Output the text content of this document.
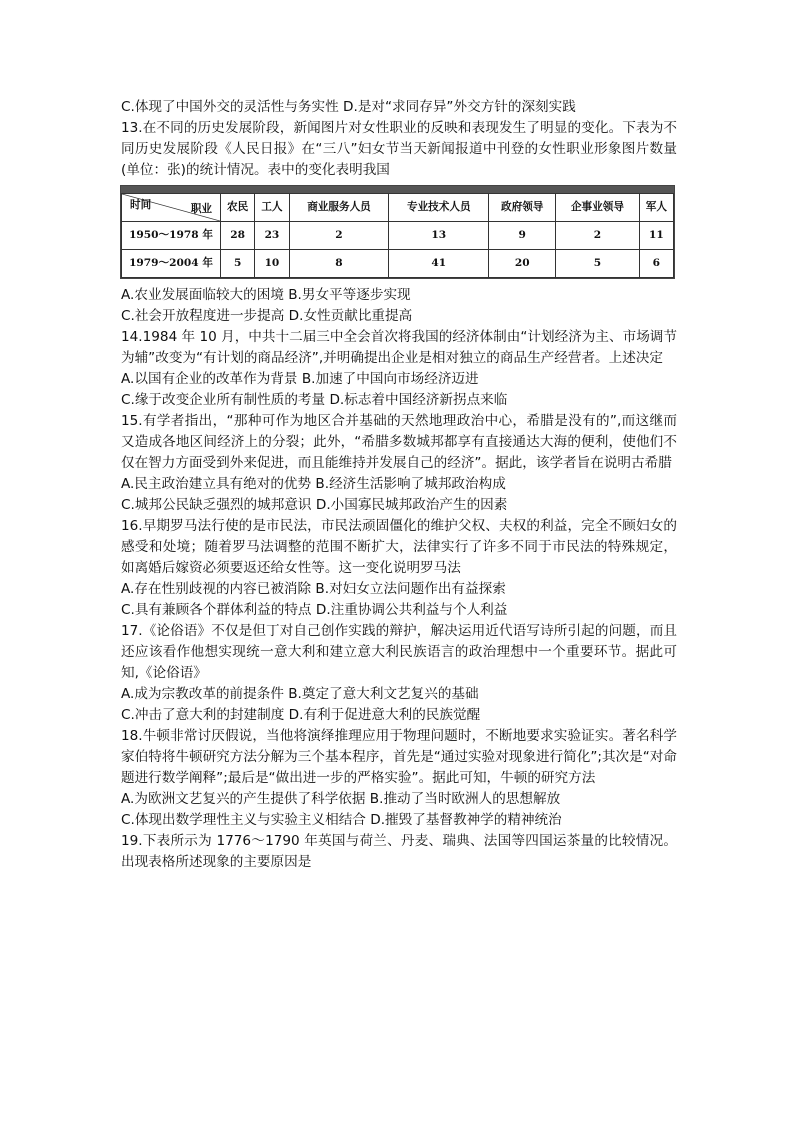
C.体现了中国外交的灵活性与务实性 D.是对“求同存异”外交方针的深刻实践
13.在不同的历史发展阶段，新闻图片对女性职业的反映和表现发生了明显的变化。下表为不同历史发展阶段《人民日报》在“三八”妇女节当天新闻报道中刊登的女性职业形象图片数量(单位：张)的统计情况。表中的变化表明我国
职业
时间	农民	工人	商业服务人员	专业技术人员	政府领导	企事业领导	军人
1950～1978 年	28	23	2	13	9	2	11
1979～2004 年	5	10	8	41	20	5	6
A.农业发展面临较大的困境 B.男女平等逐步实现
C.社会开放程度进一步提高 D.女性贡献比重提高
14.1984 年 10 月，中共十二届三中全会首次将我国的经济体制由“计划经济为主、市场调节为辅”改变为“有计划的商品经济”,并明确提出企业是相对独立的商品生产经营者。上述决定
A.以国有企业的改革作为背景 B.加速了中国向市场经济迈进
C.缘于改变企业所有制性质的考量 D.标志着中国经济新拐点来临
15.有学者指出，“那种可作为地区合并基础的天然地理政治中心，希腊是没有的”,而这继而又造成各地区间经济上的分裂；此外，“希腊多数城邦都享有直接通达大海的便利，使他们不仅在智力方面受到外来促进，而且能维持并发展自己的经济”。据此，该学者旨在说明古希腊
A.民主政治建立具有绝对的优势 B.经济生活影响了城邦政治构成
C.城邦公民缺乏强烈的城邦意识 D.小国寡民城邦政治产生的因素
16.早期罗马法行使的是市民法，市民法顽固僵化的维护父权、夫权的利益，完全不顾妇女的感受和处境；随着罗马法调整的范围不断扩大，法律实行了许多不同于市民法的特殊规定，如离婚后嫁资必须要返还给女性等。这一变化说明罗马法
A.存在性别歧视的内容已被消除 B.对妇女立法问题作出有益探索
C.具有兼顾各个群体利益的特点 D.注重协调公共利益与个人利益
17.《论俗语》不仅是但丁对自己创作实践的辩护，解决运用近代语写诗所引起的问题，而且还应该看作他想实现统一意大利和建立意大利民族语言的政治理想中一个重要环节。据此可知,《论俗语》
A.成为宗教改革的前提条件 B.奠定了意大利文艺复兴的基础
C.冲击了意大利的封建制度 D.有利于促进意大利的民族觉醒
18.牛顿非常讨厌假说，当他将演绎推理应用于物理问题时，不断地要求实验证实。著名科学家伯特将牛顿研究方法分解为三个基本程序，首先是“通过实验对现象进行简化”;其次是“对命题进行数学阐释”;最后是“做出进一步的严格实验”。据此可知，牛顿的研究方法
A.为欧洲文艺复兴的产生提供了科学依据 B.推动了当时欧洲人的思想解放
C.体现出数学理性主义与实验主义相结合 D.摧毁了基督教神学的精神统治
19.下表所示为 1776～1790 年英国与荷兰、丹麦、瑞典、法国等四国运茶量的比较情况。出现表格所述现象的主要原因是
